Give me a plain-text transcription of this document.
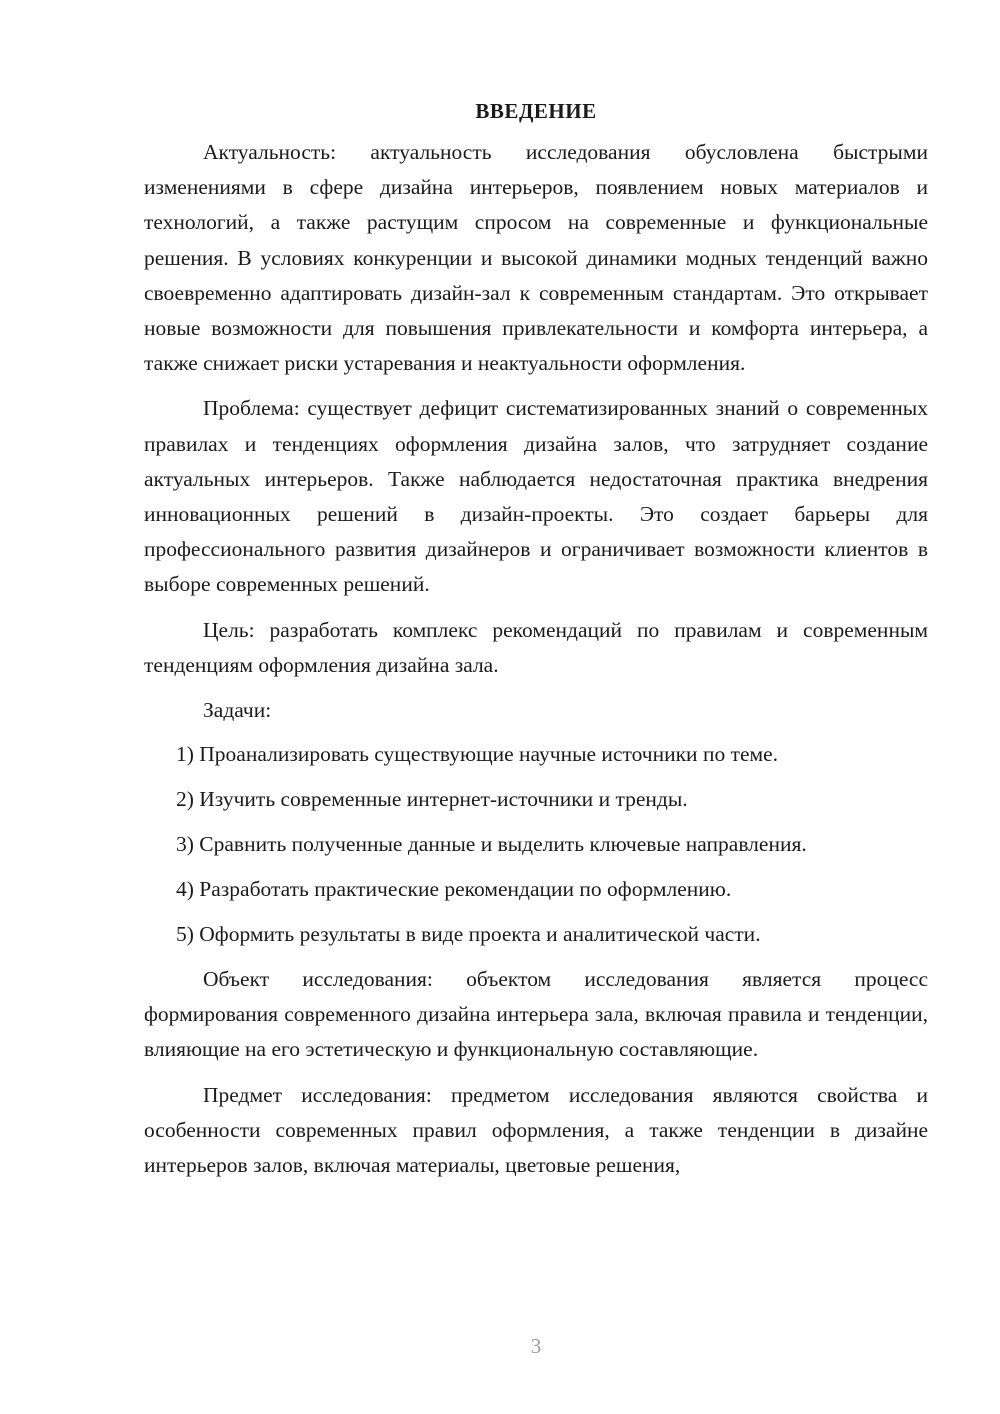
ВВЕДЕНИЕ

Актуальность: актуальность исследования обусловлена быстрыми изменениями в сфере дизайна интерьеров, появлением новых материалов и технологий, а также растущим спросом на современные и функциональные решения. В условиях конкуренции и высокой динамики модных тенденций важно своевременно адаптировать дизайн-зал к современным стандартам. Это открывает новые возможности для повышения привлекательности и комфорта интерьера, а также снижает риски устаревания и неактуальности оформления.

Проблема: существует дефицит систематизированных знаний о современных правилах и тенденциях оформления дизайна залов, что затрудняет создание актуальных интерьеров. Также наблюдается недостаточная практика внедрения инновационных решений в дизайн-проекты. Это создает барьеры для профессионального развития дизайнеров и ограничивает возможности клиентов в выборе современных решений.

Цель: разработать комплекс рекомендаций по правилам и современным тенденциям оформления дизайна зала.

Задачи:
1) Проанализировать существующие научные источники по теме.
2) Изучить современные интернет-источники и тренды.
3) Сравнить полученные данные и выделить ключевые направления.
4) Разработать практические рекомендации по оформлению.
5) Оформить результаты в виде проекта и аналитической части.

Объект исследования: объектом исследования является процесс формирования современного дизайна интерьера зала, включая правила и тенденции, влияющие на его эстетическую и функциональную составляющие.

Предмет исследования: предметом исследования являются свойства и особенности современных правил оформления, а также тенденции в дизайне интерьеров залов, включая материалы, цветовые решения,

3
